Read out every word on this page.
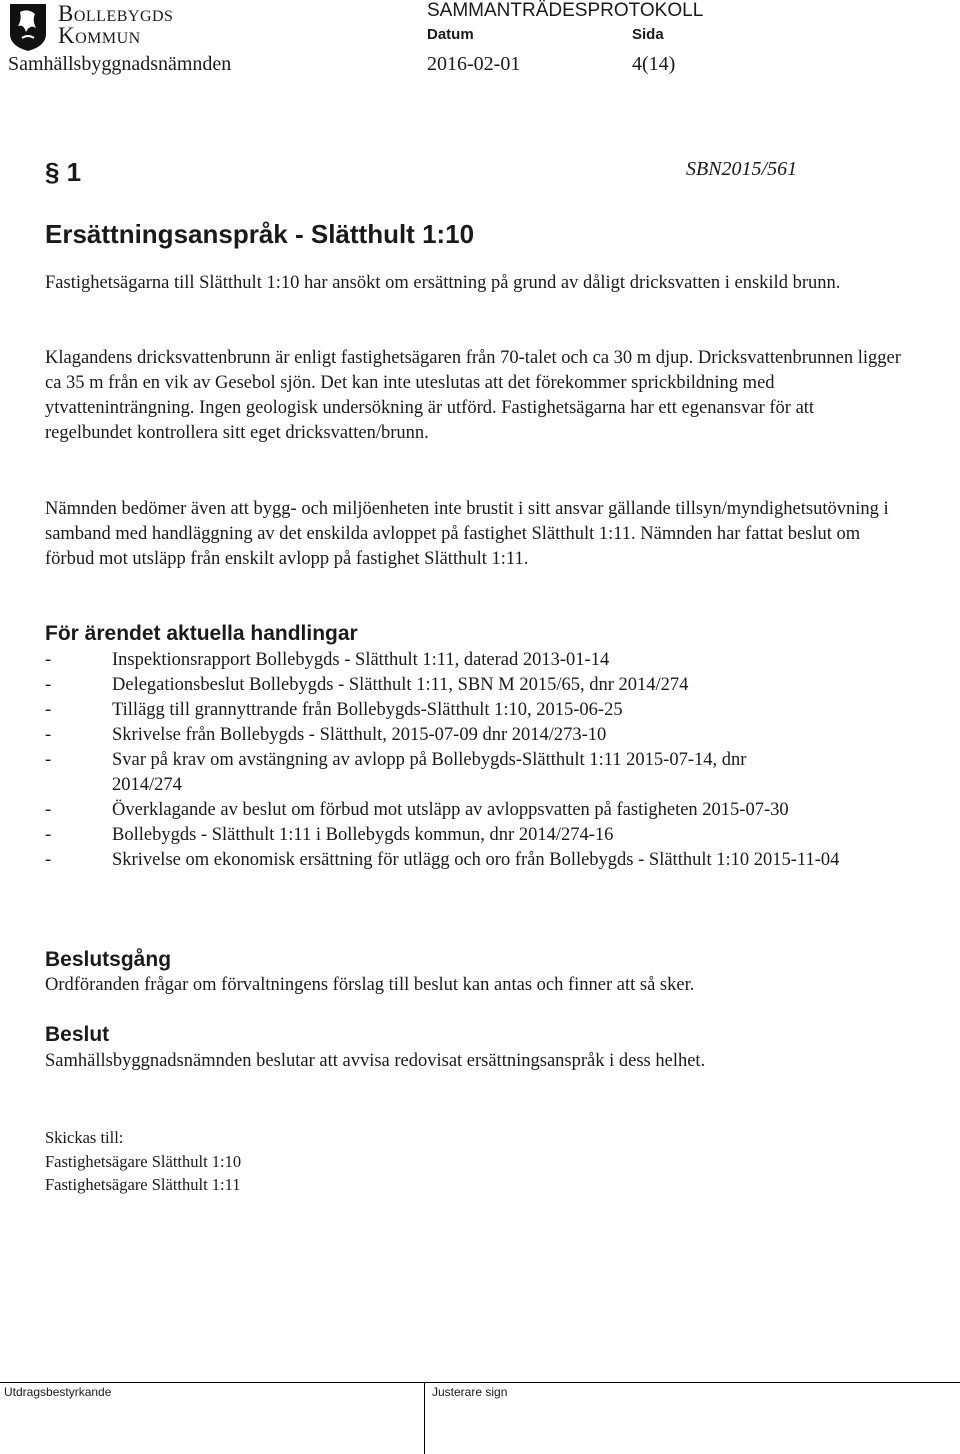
Bollebygds
Kommun
SAMMANTRÄDESPROTOKOLL
Datum	Sida
Samhällsbyggnadsnämnden	2016-02-01	4(14)
§ 1	SBN2015/561
Ersättningsanspråk - Slätthult 1:10
Fastighetsägarna till Slätthult 1:10 har ansökt om ersättning på grund av dåligt dricksvatten i enskild brunn.
Klagandens dricksvattenbrunn är enligt fastighetsägaren från 70-talet och ca 30 m djup. Dricksvattenbrunnen ligger ca 35 m från en vik av Gesebol sjön. Det kan inte uteslutas att det förekommer sprickbildning med ytvatteninträngning. Ingen geologisk undersökning är utförd. Fastighetsägarna har ett egenansvar för att regelbundet kontrollera sitt eget dricksvatten/brunn.
Nämnden bedömer även att bygg- och miljöenheten inte brustit i sitt ansvar gällande tillsyn/myndighetsutövning i samband med handläggning av det enskilda avloppet på fastighet Slätthult 1:11. Nämnden har fattat beslut om förbud mot utsläpp från enskilt avlopp på fastighet Slätthult 1:11.
För ärendet aktuella handlingar
-	Inspektionsrapport Bollebygds - Slätthult 1:11, daterad 2013-01-14
-	Delegationsbeslut Bollebygds - Slätthult 1:11, SBN M 2015/65, dnr 2014/274
-	Tillägg till grannyttrande från Bollebygds-Slätthult 1:10, 2015-06-25
-	Skrivelse från Bollebygds - Slätthult, 2015-07-09 dnr 2014/273-10
-	Svar på krav om avstängning av avlopp på Bollebygds-Slätthult 1:11 2015-07-14, dnr 2014/274
-	Överklagande av beslut om förbud mot utsläpp av avloppsvatten på fastigheten 2015-07-30
-	Bollebygds - Slätthult 1:11 i Bollebygds kommun, dnr 2014/274-16
-	Skrivelse om ekonomisk ersättning för utlägg och oro från Bollebygds - Slätthult 1:10 2015-11-04
Beslutsgång
Ordföranden frågar om förvaltningens förslag till beslut kan antas och finner att så sker.
Beslut
Samhällsbyggnadsnämnden beslutar att avvisa redovisat ersättningsanspråk i dess helhet.
Skickas till:
Fastighetsägare Slätthult 1:10
Fastighetsägare Slätthult 1:11
Utdragsbestyrkande	Justerare sign
